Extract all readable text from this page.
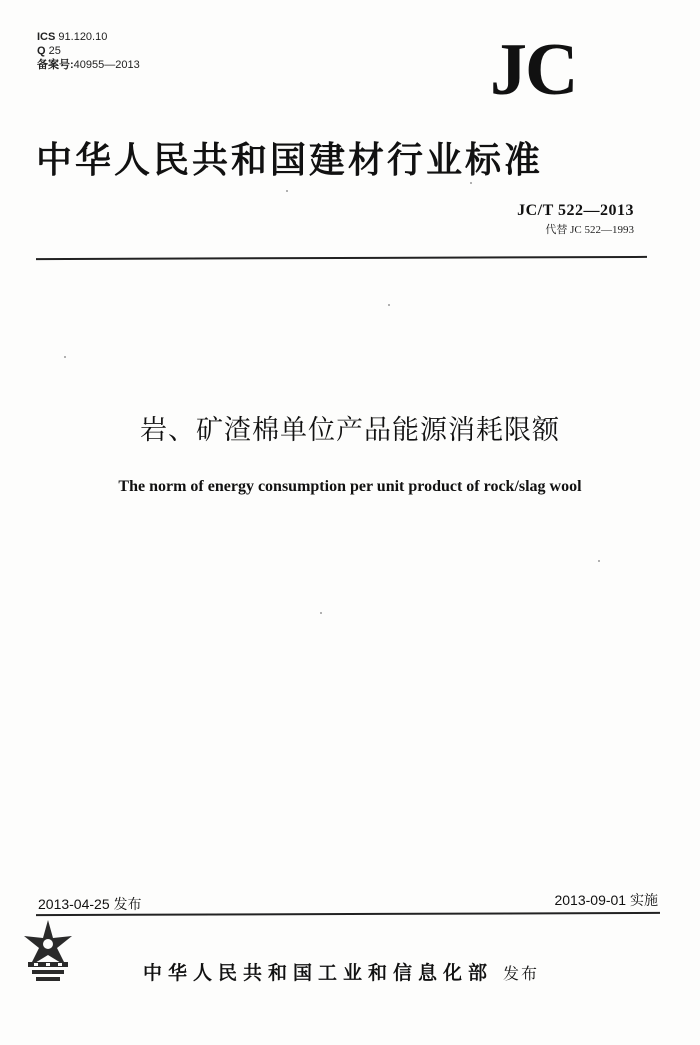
ICS 91.120.10
Q 25
备案号:40955—2013	JC
中华人民共和国建材行业标准
JC/T 522—2013
代替 JC 522—1993
岩、矿渣棉单位产品能源消耗限额
The norm of energy consumption per unit product of rock/slag wool
2013-04-25 发布	2013-09-01 实施
中华人民共和国工业和信息化部 发布
